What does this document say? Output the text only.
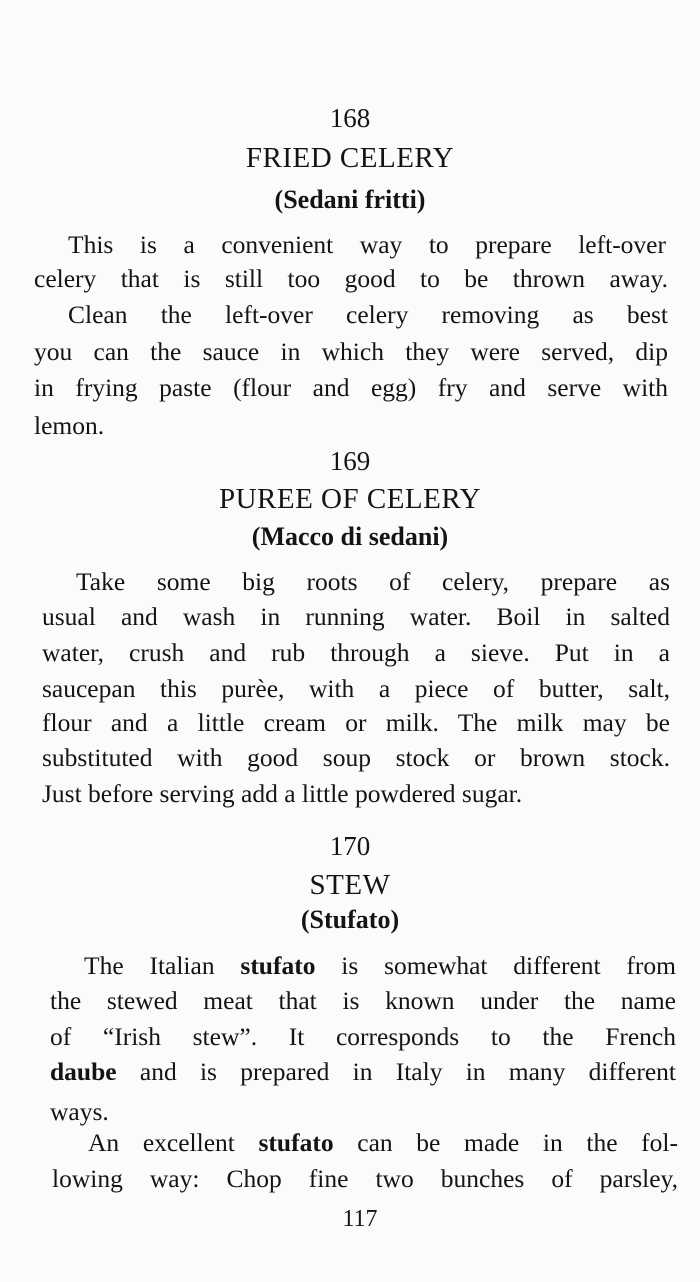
168
FRIED CELERY
(Sedani fritti)
This is a convenient way to prepare left-over
celery that is still too good to be thrown away.
Clean the left-over celery removing as best
you can the sauce in which they were served, dip
in frying paste (flour and egg) fry and serve with
lemon.
169
PUREE OF CELERY
(Macco di sedani)
Take some big roots of celery, prepare as
usual and wash in running water. Boil in salted
water, crush and rub through a sieve. Put in a
saucepan this purèe, with a piece of butter, salt,
flour and a little cream or milk. The milk may be
substituted with good soup stock or brown stock.
Just before serving add a little powdered sugar.
170
STEW
(Stufato)
The Italian stufato is somewhat different from
the stewed meat that is known under the name
of “Irish stew”. It corresponds to the French
daube and is prepared in Italy in many different
ways.
An excellent stufato can be made in the fol-
lowing way: Chop fine two bunches of parsley,
117
